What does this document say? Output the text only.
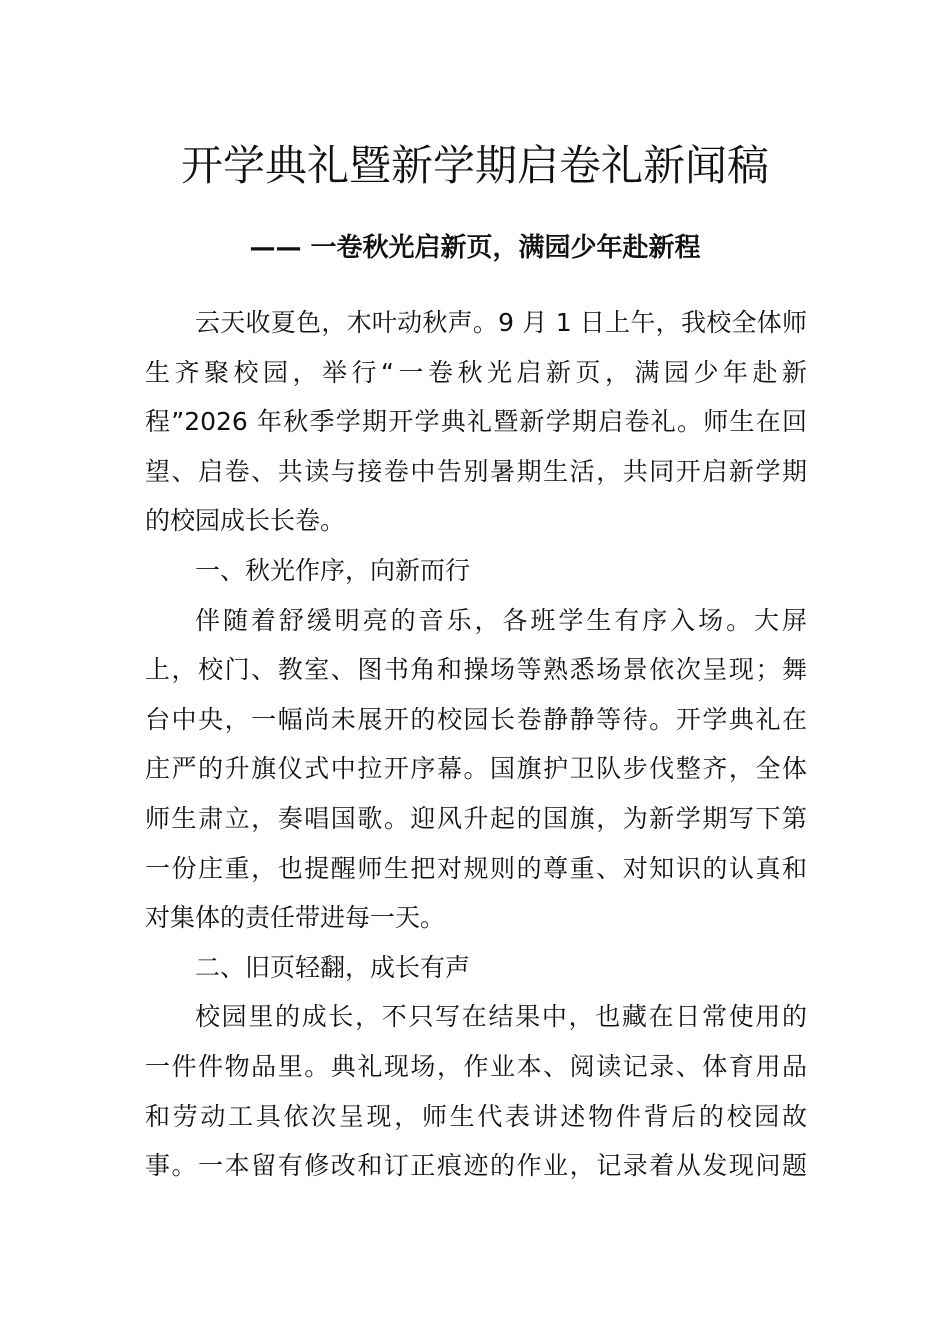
开学典礼暨新学期启卷礼新闻稿
—— 一卷秋光启新页，满园少年赴新程

云天收夏色，木叶动秋声。9 月 1 日上午，我校全体师
生齐聚校园，举行“一卷秋光启新页，满园少年赴新
程”2026 年秋季学期开学典礼暨新学期启卷礼。师生在回
望、启卷、共读与接卷中告别暑期生活，共同开启新学期
的校园成长长卷。

一、秋光作序，向新而行

伴随着舒缓明亮的音乐，各班学生有序入场。大屏
上，校门、教室、图书角和操场等熟悉场景依次呈现；舞
台中央，一幅尚未展开的校园长卷静静等待。开学典礼在
庄严的升旗仪式中拉开序幕。国旗护卫队步伐整齐，全体
师生肃立，奏唱国歌。迎风升起的国旗，为新学期写下第
一份庄重，也提醒师生把对规则的尊重、对知识的认真和
对集体的责任带进每一天。

二、旧页轻翻，成长有声

校园里的成长，不只写在结果中，也藏在日常使用的
一件件物品里。典礼现场，作业本、阅读记录、体育用品
和劳动工具依次呈现，师生代表讲述物件背后的校园故
事。一本留有修改和订正痕迹的作业，记录着从发现问题
